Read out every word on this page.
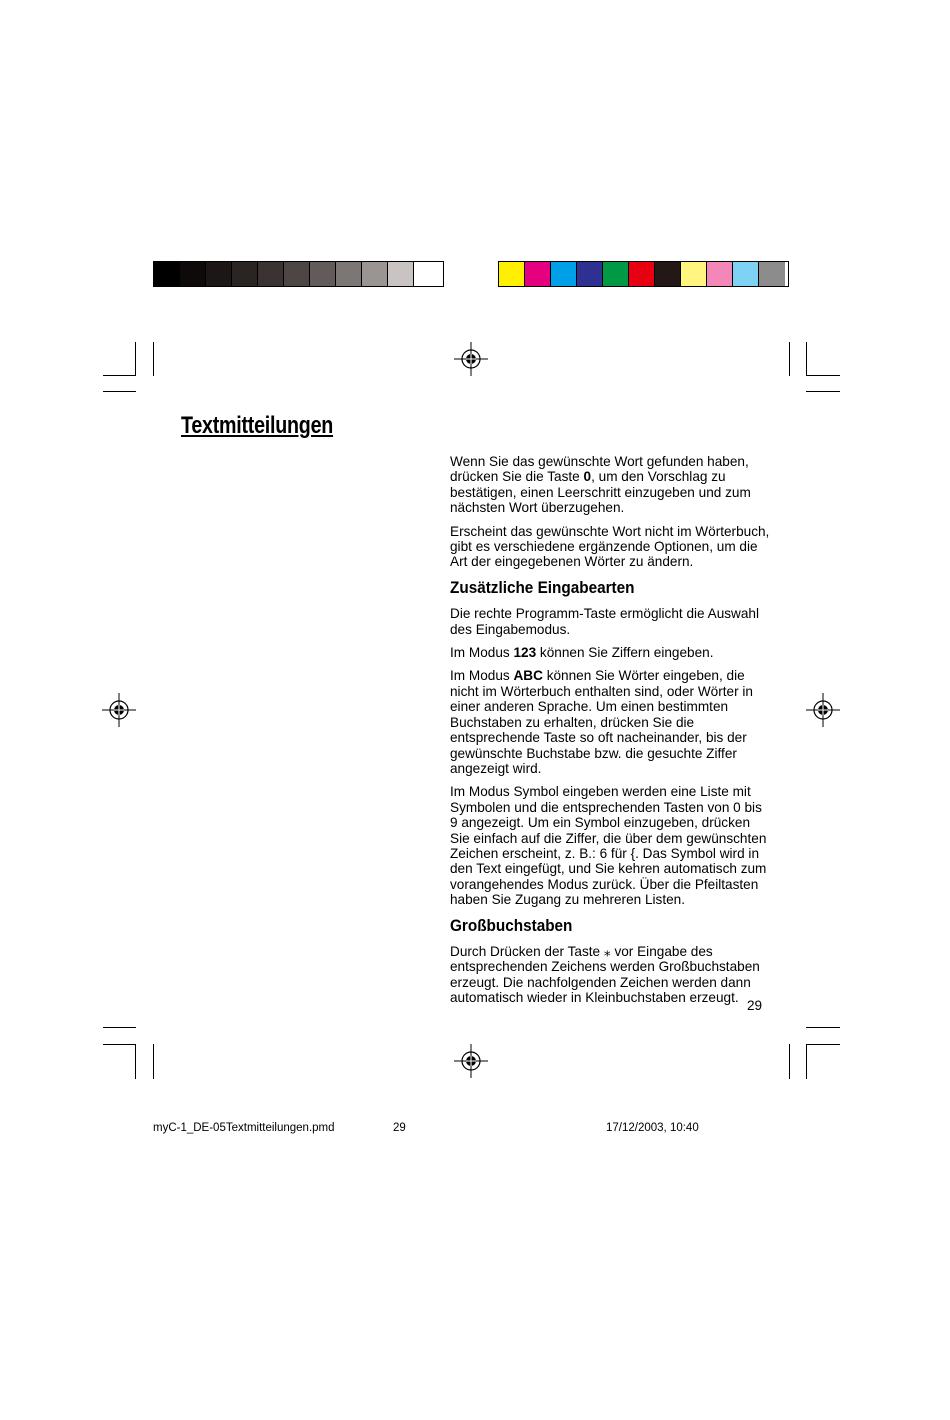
Textmitteilungen

Wenn Sie das gewünschte Wort gefunden haben, drücken Sie die Taste 0, um den Vorschlag zu bestätigen, einen Leerschritt einzugeben und zum nächsten Wort überzugehen.

Erscheint das gewünschte Wort nicht im Wörterbuch, gibt es verschiedene ergänzende Optionen, um die Art der eingegebenen Wörter zu ändern.

Zusätzliche Eingabearten

Die rechte Programm-Taste ermöglicht die Auswahl des Eingabemodus.

Im Modus 123 können Sie Ziffern eingeben.

Im Modus ABC können Sie Wörter eingeben, die nicht im Wörterbuch enthalten sind, oder Wörter in einer anderen Sprache. Um einen bestimmten Buchstaben zu erhalten, drücken Sie die entsprechende Taste so oft nacheinander, bis der gewünschte Buchstabe bzw. die gesuchte Ziffer angezeigt wird.

Im Modus Symbol eingeben werden eine Liste mit Symbolen und die entsprechenden Tasten von 0 bis 9 angezeigt. Um ein Symbol einzugeben, drücken Sie einfach auf die Ziffer, die über dem gewünschten Zeichen erscheint, z. B.: 6 für {. Das Symbol wird in den Text eingefügt, und Sie kehren automatisch zum vorangehendes Modus zurück. Über die Pfeiltasten haben Sie Zugang zu mehreren Listen.

Großbuchstaben

Durch Drücken der Taste ⁎ vor Eingabe des entsprechenden Zeichens werden Großbuchstaben erzeugt. Die nachfolgenden Zeichen werden dann automatisch wieder in Kleinbuchstaben erzeugt.

29
myC-1_DE-05Textmitteilungen.pmd	29	17/12/2003, 10:40
